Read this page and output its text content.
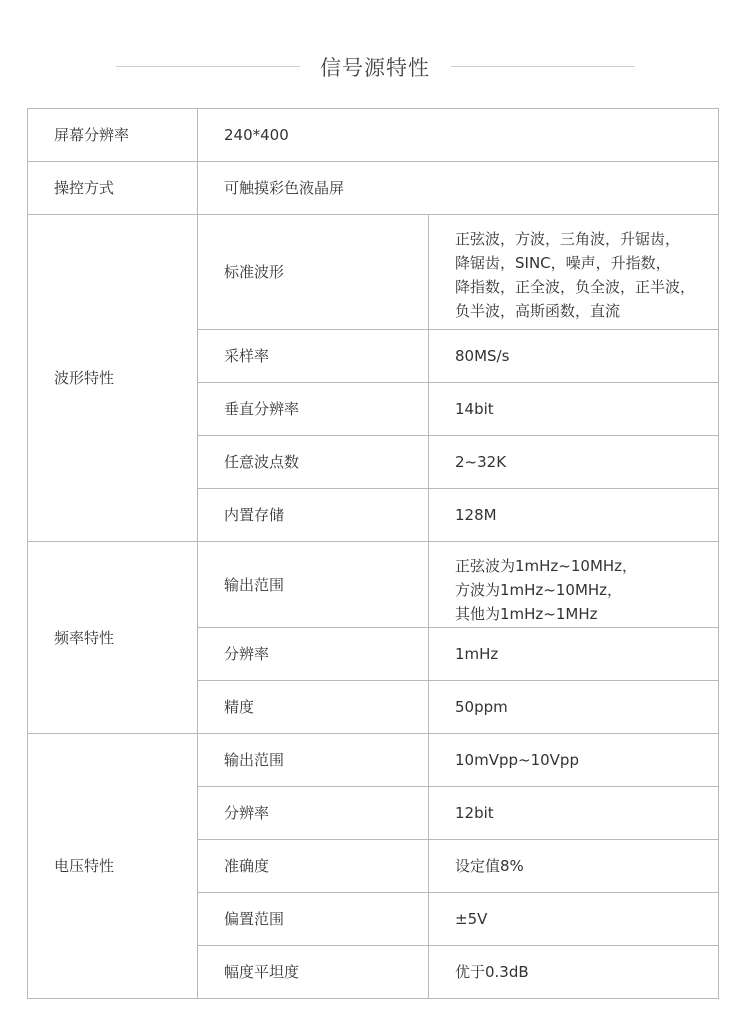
信号源特性
屏幕分辨率	240*400	
操控方式	可触摸彩色液晶屏	
波形特性	标准波形	正弦波，方波，三角波，升锯齿，
降锯齿，SINC，噪声，升指数，
降指数，正全波，负全波，正半波，
负半波，高斯函数，直流

	采样率	80MS/s
	垂直分辨率	14bit
	任意波点数	2~32K
	内置存储	128M
频率特性	输出范围	正弦波为1mHz~10MHz，
方波为1mHz~10MHz，
其他为1mHz~1MHz

	分辨率	1mHz
	精度	50ppm
电压特性	输出范围	10mVpp~10Vpp
	分辨率	12bit
	准确度	设定值8%
	偏置范围	±5V
	幅度平坦度	优于0.3dB
